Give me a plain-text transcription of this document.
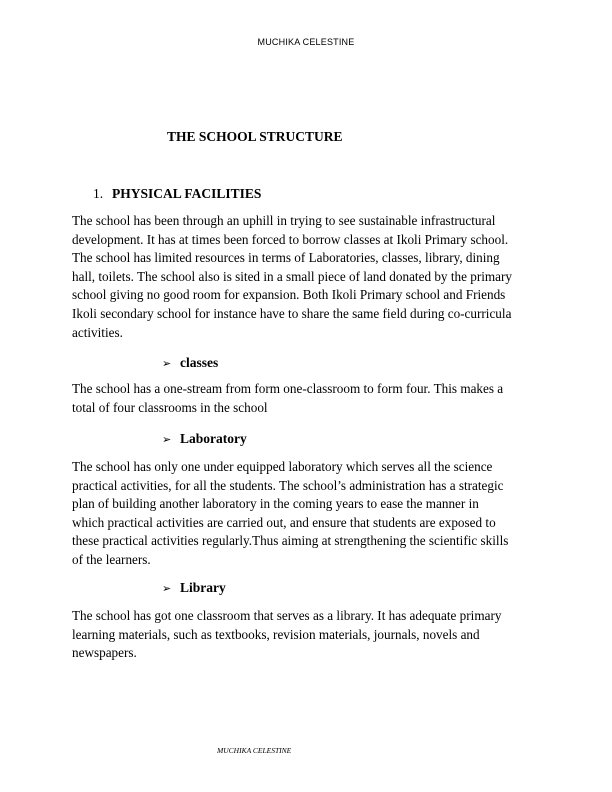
MUCHIKA CELESTINE
THE SCHOOL STRUCTURE
1. PHYSICAL FACILITIES
The school has been through an uphill in trying to see sustainable infrastructural
development. It has at times been forced to borrow classes at Ikoli Primary school.
The school has limited resources in terms of Laboratories, classes, library, dining
hall, toilets. The school also is sited in a small piece of land donated by the primary
school giving no good room for expansion. Both Ikoli Primary school and Friends
Ikoli secondary school for instance have to share the same field during co-curricula
activities.
➢ classes
The school has a one-stream from form one-classroom to form four. This makes a
total of four classrooms in the school
➢ Laboratory
The school has only one under equipped laboratory which serves all the science
practical activities, for all the students. The school’s administration has a strategic
plan of building another laboratory in the coming years to ease the manner in
which practical activities are carried out, and ensure that students are exposed to
these practical activities regularly.Thus aiming at strengthening the scientific skills
of the learners.
➢ Library
The school has got one classroom that serves as a library. It has adequate primary
learning materials, such as textbooks, revision materials, journals, novels and
newspapers.
MUCHIKA CELESTINE
